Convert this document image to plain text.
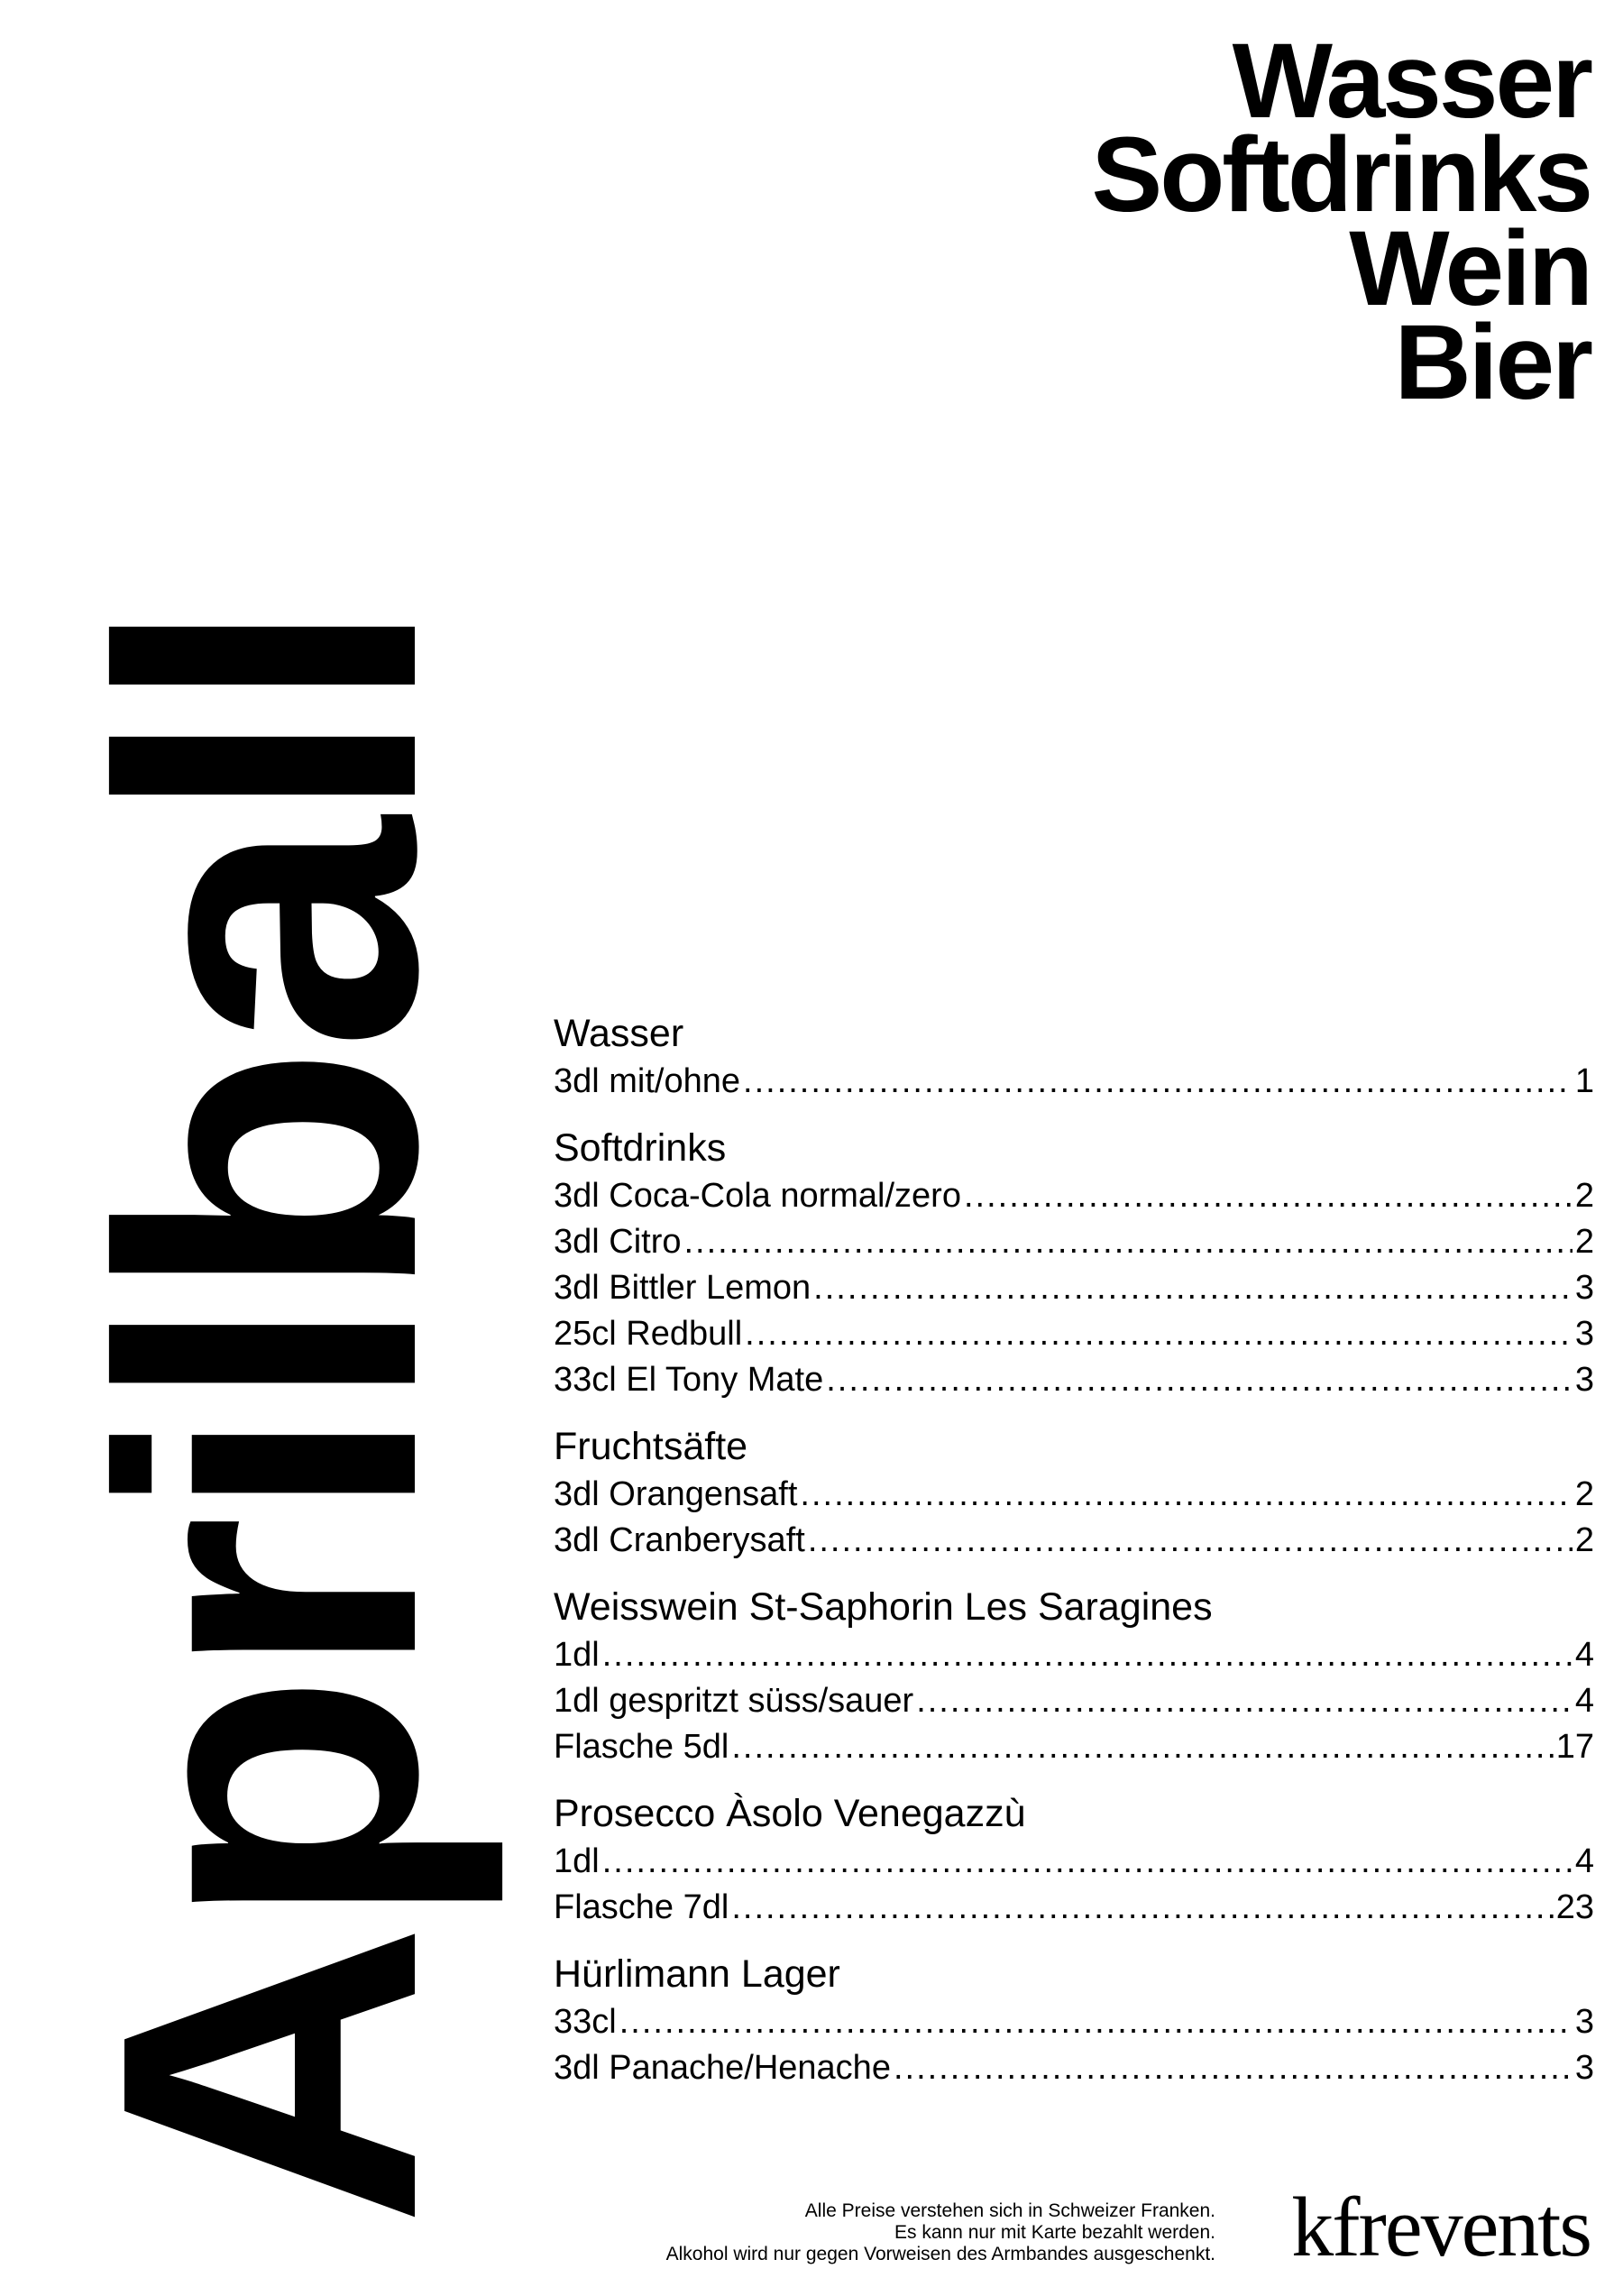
Wasser
Softdrinks
Wein
Bier
Aprilball Wasser
3dl mit/ohne .....	1
Softdrinks
3dl Coca-Cola normal/zero .....	2
3dl Citro .....	2
3dl Bittler Lemon .....	3
25cl Redbull .....	3
33cl El Tony Mate .....	3
Fruchtsäfte
3dl Orangensaft .....	2
3dl Cranberysaft .....	2
Weisswein St-Saphorin Les Saragines
1dl .....	4
1dl gespritzt süss/sauer .....	4
Flasche 5dl .....	17
Prosecco Àsolo Venegazzù
1dl .....	4
Flasche 7dl .....	23
Hürlimann Lager
33cl .....	3
3dl Panache/Henache .....	3
Alle Preise verstehen sich in Schweizer Franken.
Es kann nur mit Karte bezahlt werden.
Alkohol wird nur gegen Vorweisen des Armbandes ausgeschenkt. kfrevents
